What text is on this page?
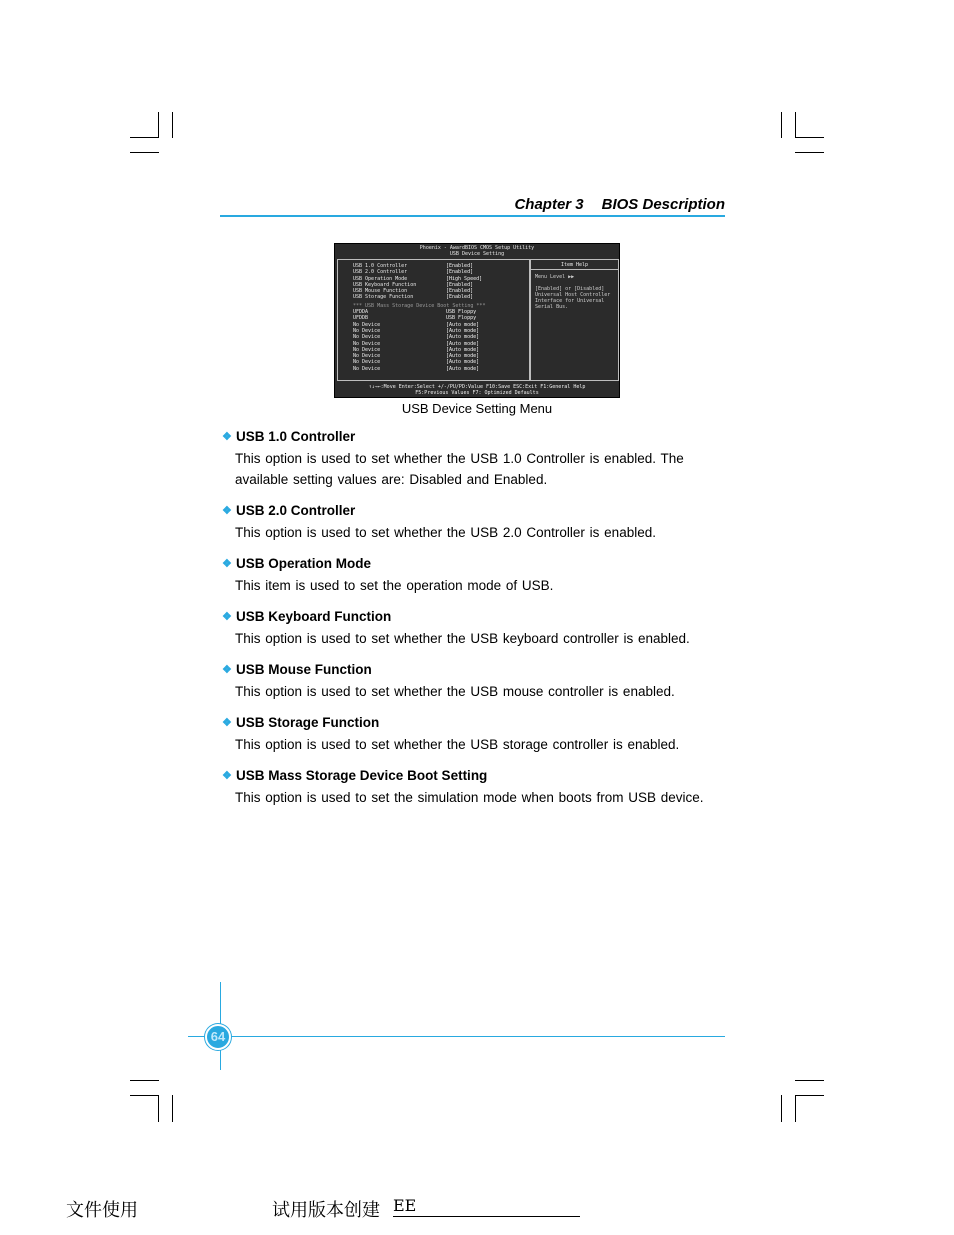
Chapter 3 BIOS Description
Phoenix - AwardBIOS CMOS Setup Utility
USB Device Setting
USB 1.0 Controller	[Enabled]
USB 2.0 Controller	[Enabled]
USB Operation Mode	[High Speed]
USB Keyboard Function	[Enabled]
USB Mouse Function	[Enabled]
USB Storage Function	[Enabled]
*** USB Mass Storage Device Boot Setting ***
UFDDA	USB Floppy
UFDDB	USB Floppy
No Device	[Auto mode]
No Device	[Auto mode]
No Device	[Auto mode]
No Device	[Auto mode]
No Device	[Auto mode]
No Device	[Auto mode]
No Device	[Auto mode]
No Device	[Auto mode]
Item Help
Menu Level ▶▶
[Enabled] or [Disabled] Universal Host Controller Interface for Universal Serial Bus.
↑↓→←:Move Enter:Select +/-/PU/PD:Value F10:Save ESC:Exit F1:General Help
F5:Previous Values F7: Optimized Defaults
USB Device Setting Menu
❖ USB 1.0 Controller
This option is used to set whether the USB 1.0 Controller is enabled. The available setting values are: Disabled and Enabled.
❖ USB 2.0 Controller
This option is used to set whether the USB 2.0 Controller is enabled.
❖ USB Operation Mode
This item is used to set the operation mode of USB.
❖ USB Keyboard Function
This option is used to set whether the USB keyboard controller is enabled.
❖ USB Mouse Function
This option is used to set whether the USB mouse controller is enabled.
❖ USB Storage Function
This option is used to set whether the USB storage controller is enabled.
❖ USB Mass Storage Device Boot Setting
This option is used to set the simulation mode when boots from USB device.
64
文件使用	试用版本创建 EE
